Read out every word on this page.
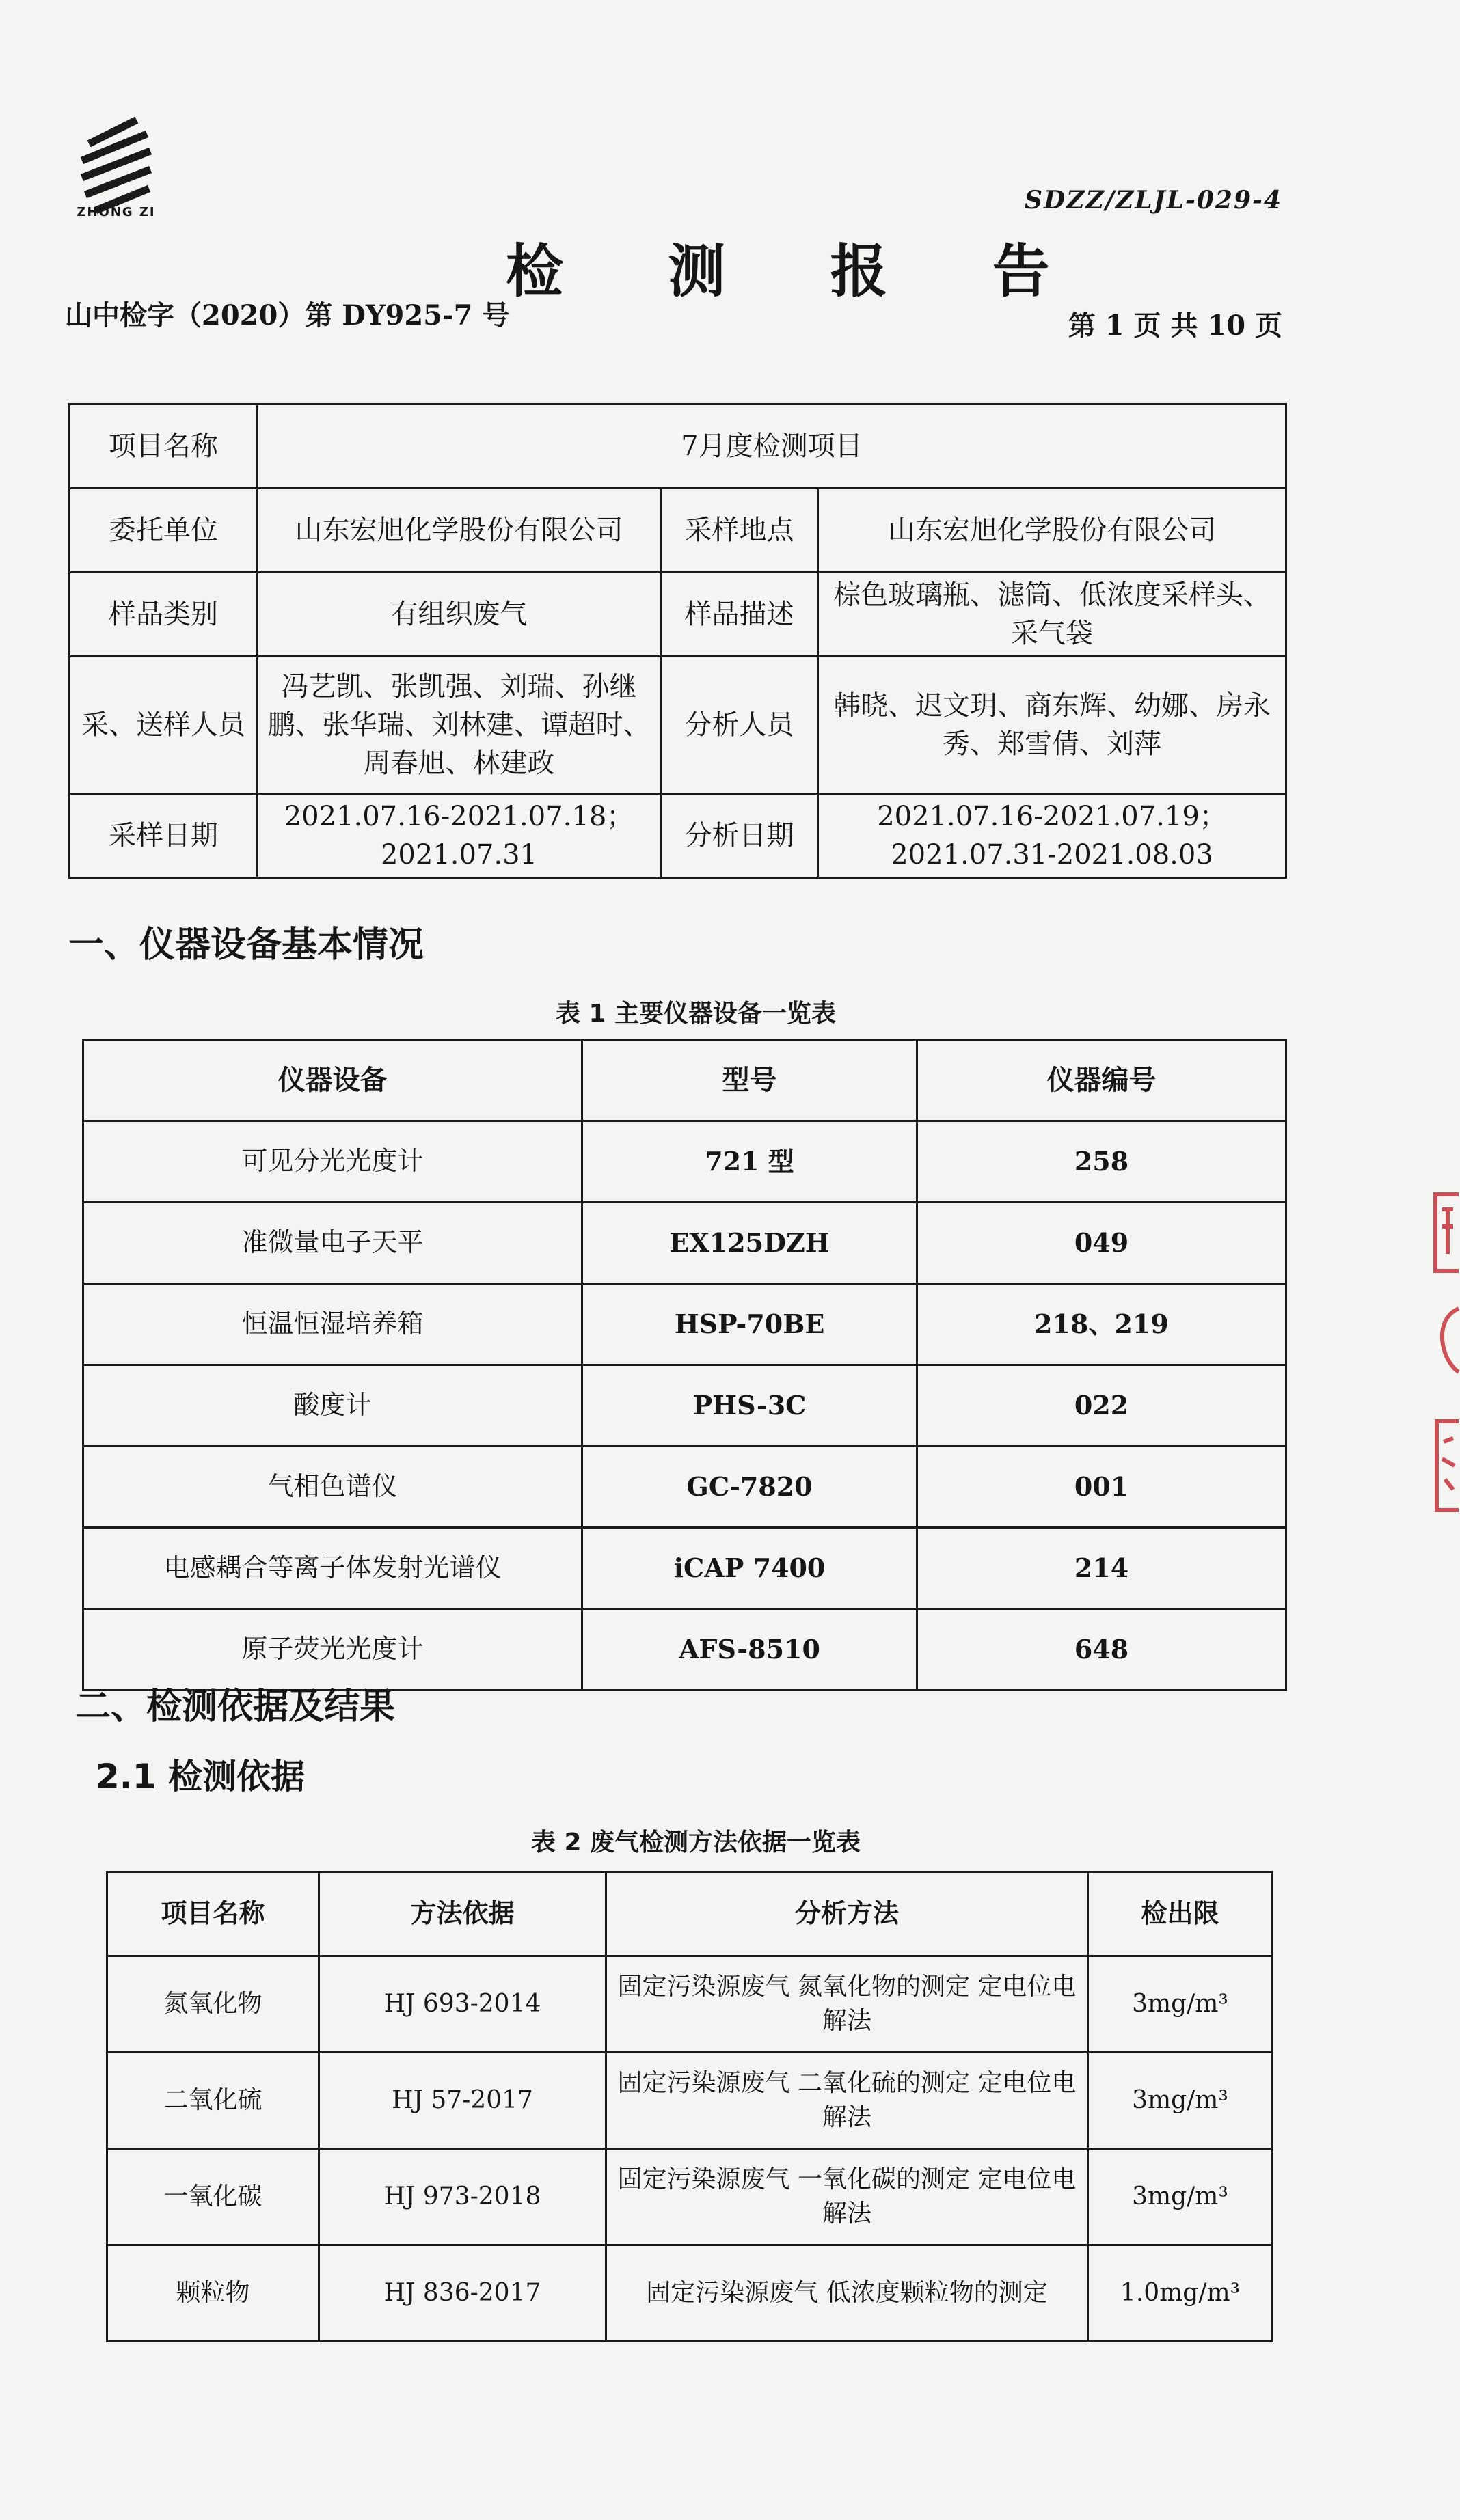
ZHONG ZI	SDZZ/ZLJL-029-4
检 测 报 告
山中检字（2020）第 DY925-7 号	第 1 页 共 10 页
项目名称	7月度检测项目		
委托单位	山东宏旭化学股份有限公司	采样地点	山东宏旭化学股份有限公司
样品类别	有组织废气	样品描述	棕色玻璃瓶、滤筒、低浓度采样头、采气袋
采、送样人员	冯艺凯、张凯强、刘瑞、孙继鹏、张华瑞、刘林建、谭超时、周春旭、林建政	分析人员	韩晓、迟文玥、商东辉、幼娜、房永秀、郑雪倩、刘萍
采样日期	2021.07.16-2021.07.18；2021.07.31	分析日期	2021.07.16-2021.07.19；2021.07.31-2021.08.03
一、仪器设备基本情况
表 1 主要仪器设备一览表
仪器设备	型号	仪器编号
可见分光光度计	721 型	258
准微量电子天平	EX125DZH	049
恒温恒湿培养箱	HSP-70BE	218、219
酸度计	PHS-3C	022
气相色谱仪	GC-7820	001
电感耦合等离子体发射光谱仪	iCAP 7400	214
原子荧光光度计	AFS-8510	648
二、检测依据及结果
2.1 检测依据
表 2 废气检测方法依据一览表
项目名称	方法依据	分析方法	检出限
氮氧化物	HJ 693-2014	固定污染源废气 氮氧化物的测定 定电位电解法	3mg/m³
二氧化硫	HJ 57-2017	固定污染源废气 二氧化硫的测定 定电位电解法	3mg/m³
一氧化碳	HJ 973-2018	固定污染源废气 一氧化碳的测定 定电位电解法	3mg/m³
颗粒物	HJ 836-2017	固定污染源废气 低浓度颗粒物的测定	1.0mg/m³
